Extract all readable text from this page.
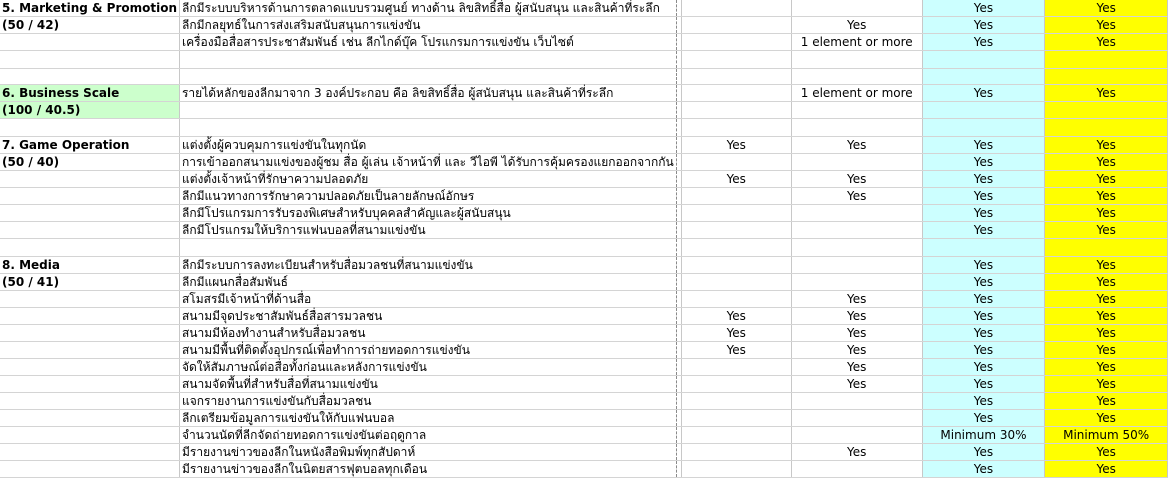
5. Marketing & Promotion	ลีกมีระบบบริหารด้านการตลาดแบบรวมศูนย์ ทางด้าน ลิขสิทธิ์สื่อ ผู้สนับสนุน และสินค้าที่ระลึก				Yes	Yes
(50 / 42)	ลีกมีกลยุทธ์ในการส่งเสริมสนับสนุนการแข่งขัน			Yes	Yes	Yes
	เครื่องมือสื่อสารประชาสัมพันธ์ เช่น ลีกไกด์บุ๊ค โปรแกรมการแข่งขัน เว็บไซต์			1 element or more	Yes	Yes

6. Business Scale	รายได้หลักของลีกมาจาก 3 องค์ประกอบ คือ ลิขสิทธิ์สื่อ ผู้สนับสนุน และสินค้าที่ระลึก			1 element or more	Yes	Yes
(100 / 40.5)						

7. Game Operation	แต่งตั้งผู้ควบคุมการแข่งขันในทุกนัด		Yes	Yes	Yes	Yes
(50 / 40)	การเข้าออกสนามแข่งของผู้ชม สื่อ ผู้เล่น เจ้าหน้าที่ และ วีไอพี ได้รับการคุ้มครองแยกออกจากกัน				Yes	Yes
	แต่งตั้งเจ้าหน้าที่รักษาความปลอดภัย		Yes	Yes	Yes	Yes
	ลีกมีแนวทางการรักษาความปลอดภัยเป็นลายลักษณ์อักษร			Yes	Yes	Yes
	ลีกมีโปรแกรมการรับรองพิเศษสำหรับบุคคลสำคัญและผู้สนับสนุน				Yes	Yes
	ลีกมีโปรแกรมให้บริการแฟนบอลที่สนามแข่งขัน				Yes	Yes

8. Media	ลีกมีระบบการลงทะเบียนสำหรับสื่อมวลชนที่สนามแข่งขัน				Yes	Yes
(50 / 41)	ลีกมีแผนกสื่อสัมพันธ์				Yes	Yes
	สโมสรมีเจ้าหน้าที่ด้านสื่อ			Yes	Yes	Yes
	สนามมีจุดประชาสัมพันธ์สื่อสารมวลชน		Yes	Yes	Yes	Yes
	สนามมีห้องทำงานสำหรับสื่อมวลชน		Yes	Yes	Yes	Yes
	สนามมีพื้นที่ติดตั้งอุปกรณ์เพื่อทำการถ่ายทอดการแข่งขัน		Yes	Yes	Yes	Yes
	จัดให้สัมภาษณ์ต่อสื่อทั้งก่อนและหลังการแข่งขัน			Yes	Yes	Yes
	สนามจัดพื้นที่สำหรับสื่อที่สนามแข่งขัน			Yes	Yes	Yes
	แจกรายงานการแข่งขันกับสื่อมวลชน				Yes	Yes
	ลีกเตรียมข้อมูลการแข่งขันให้กับแฟนบอล				Yes	Yes
	จำนวนนัดที่ลีกจัดถ่ายทอดการแข่งขันต่อฤดูกาล				Minimum 30%	Minimum 50%
	มีรายงานข่าวของลีกในหนังสือพิมพ์ทุกสัปดาห์			Yes	Yes	Yes
	มีรายงานข่าวของลีกในนิตยสารฟุตบอลทุกเดือน				Yes	Yes
